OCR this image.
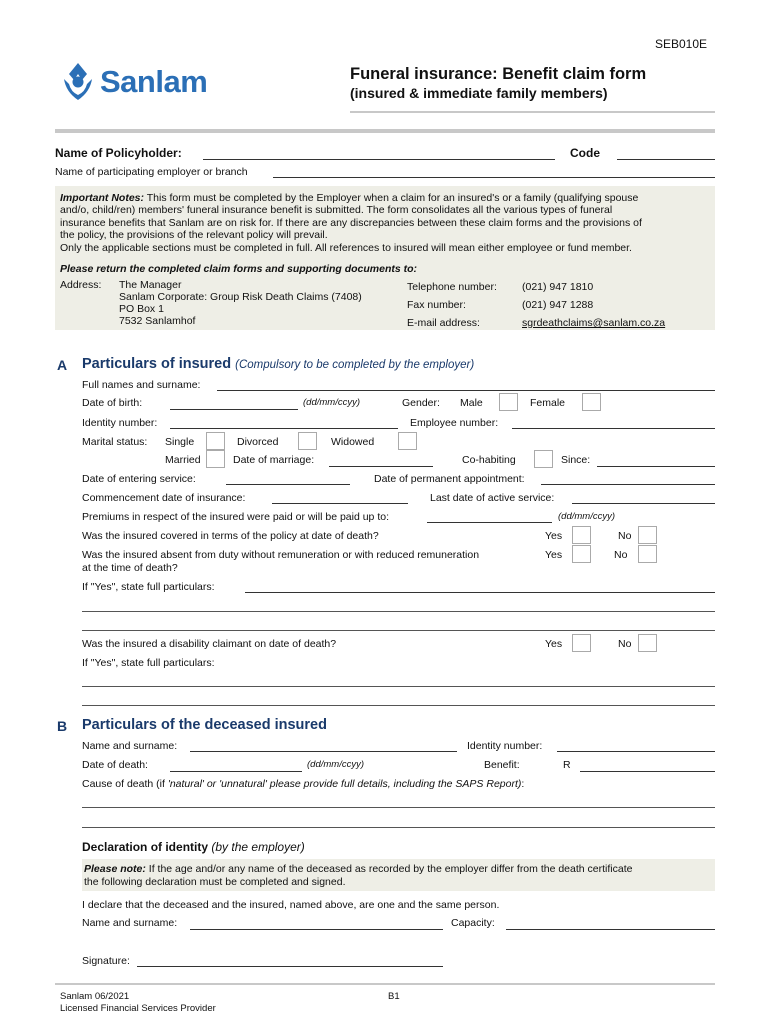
SEB010E
Sanlam	Funeral insurance: Benefit claim form
(insured & immediate family members)
Name of Policyholder:	Code
Name of participating employer or branch
Important Notes: This form must be completed by the Employer when a claim for an insured's or a family (qualifying spouse
and/o, child/ren) members' funeral insurance benefit is submitted. The form consolidates all the various types of funeral
insurance benefits that Sanlam are on risk for. If there are any discrepancies between these claim forms and the provisions of
the policy, the provisions of the relevant policy will prevail.
Only the applicable sections must be completed in full. All references to insured will mean either employee or fund member.
Please return the completed claim forms and supporting documents to:
Address: The Manager
Sanlam Corporate: Group Risk Death Claims (7408)
PO Box 1
7532 Sanlamhof
Telephone number: (021) 947 1810
Fax number:	(021) 947 1288
E-mail address:	sgrdeathclaims@sanlam.co.za
A Particulars of insured (Compulsory to be completed by the employer)
Full names and surname:
Date of birth:	(dd/mm/ccyy)	Gender: Male	Female
Identity number:	Employee number:
Marital status: Single	Divorced	Widowed
Married	Date of marriage:	Co-habiting	Since:
Date of entering service:	Date of permanent appointment:
Commencement date of insurance:	Last date of active service:
Premiums in respect of the insured were paid or will be paid up to:	(dd/mm/ccyy)
Was the insured covered in terms of the policy at date of death?	Yes	No
Was the insured absent from duty without remuneration or with reduced remuneration
at the time of death?
Yes	No
If "Yes", state full particulars:
Was the insured a disability claimant on date of death?	Yes	No
If "Yes", state full particulars:
B Particulars of the deceased insured
Name and surname:	Identity number:
Date of death:	(dd/mm/ccyy)	Benefit:	R
Cause of death (if 'natural' or 'unnatural' please provide full details, including the SAPS Report):
Declaration of identity (by the employer)
Please note: If the age and/or any name of the deceased as recorded by the employer differ from the death certificate
the following declaration must be completed and signed.
I declare that the deceased and the insured, named above, are one and the same person.
Name and surname:	Capacity:
Signature:
Sanlam 06/2021
Licensed Financial Services Provider
B1
